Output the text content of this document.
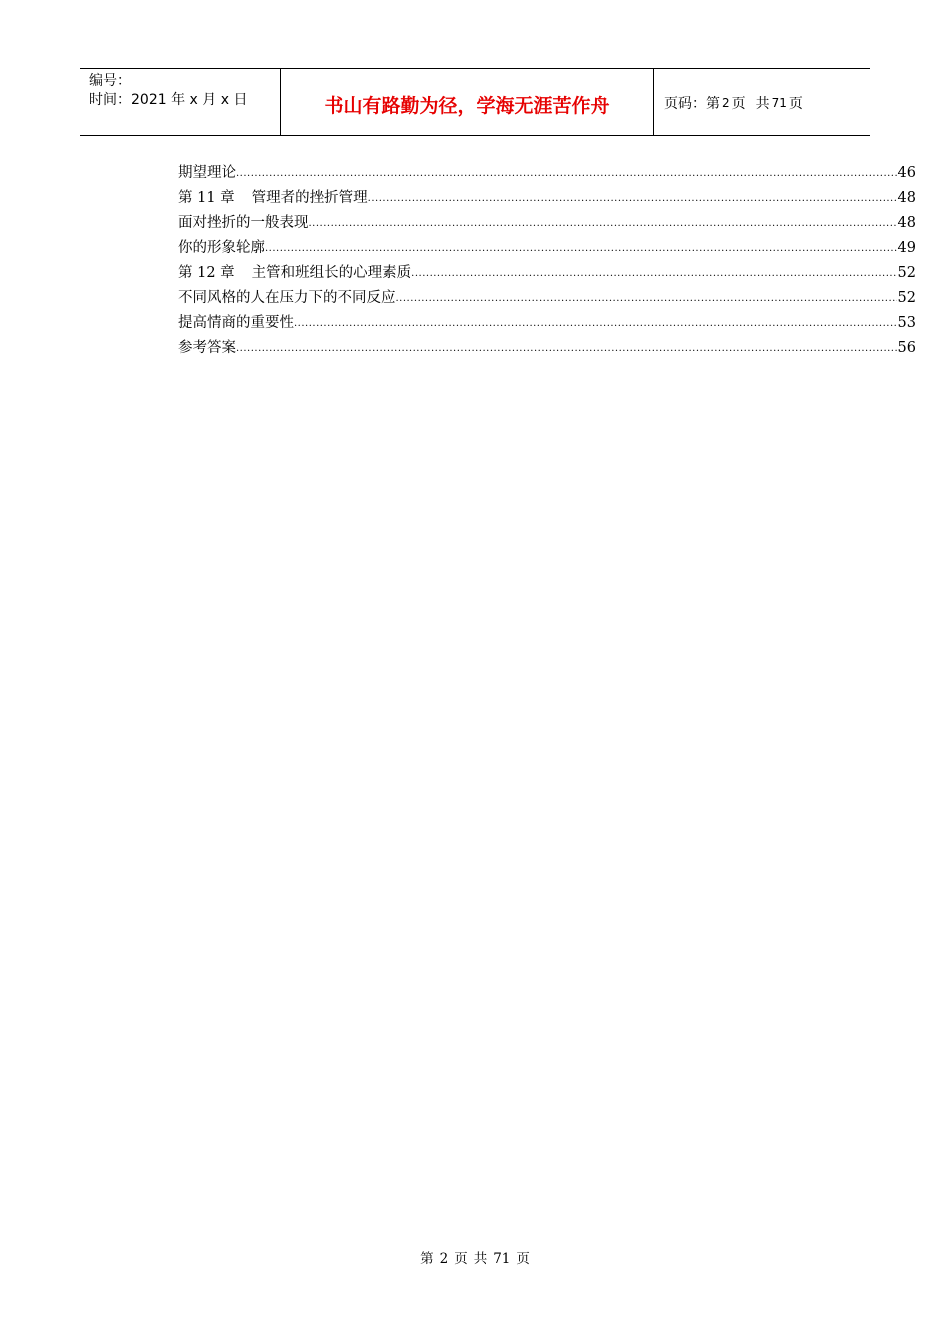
编号：
时间：2021 年 x 月 x 日	书山有路勤为径，学海无涯苦作舟	页码：第 2 页 共 71 页
期望理论 .....	46
第 11 章 管理者的挫折管理 .....	48
面对挫折的一般表现 .....	48
你的形象轮廓 .....	49
第 12 章 主管和班组长的心理素质 .....	52
不同风格的人在压力下的不同反应 .....	52
提高情商的重要性 .....	53
参考答案 .....	56
第 2 页 共 71 页
